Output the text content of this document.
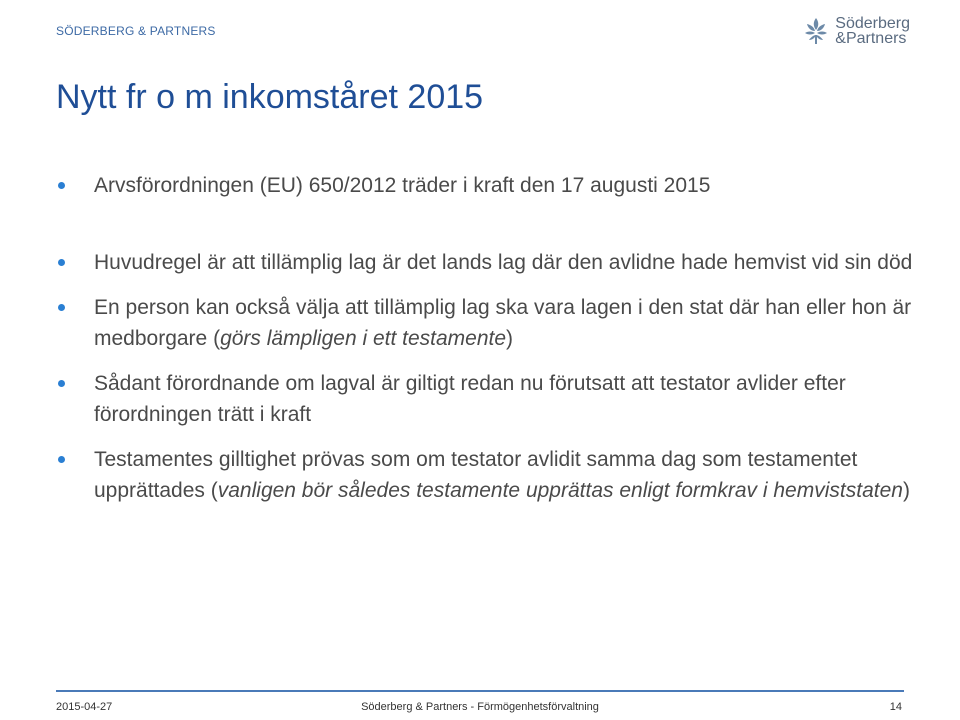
SÖDERBERG & PARTNERS	Söderberg
&Partners
Nytt fr o m inkomståret 2015
Arvsförordningen (EU) 650/2012 träder i kraft den 17 augusti 2015
Huvudregel är att tillämplig lag är det lands lag där den avlidne hade hemvist vid sin död
En person kan också välja att tillämplig lag ska vara lagen i den stat där han eller hon är medborgare (görs lämpligen i ett testamente)
Sådant förordnande om lagval är giltigt redan nu förutsatt att testator avlider efter förordningen trätt i kraft
Testamentes gilltighet prövas som om testator avlidit samma dag som testamentet upprättades (vanligen bör således testamente upprättas enligt formkrav i hemviststaten)
2015-04-27	Söderberg & Partners - Förmögenhetsförvaltning	14
